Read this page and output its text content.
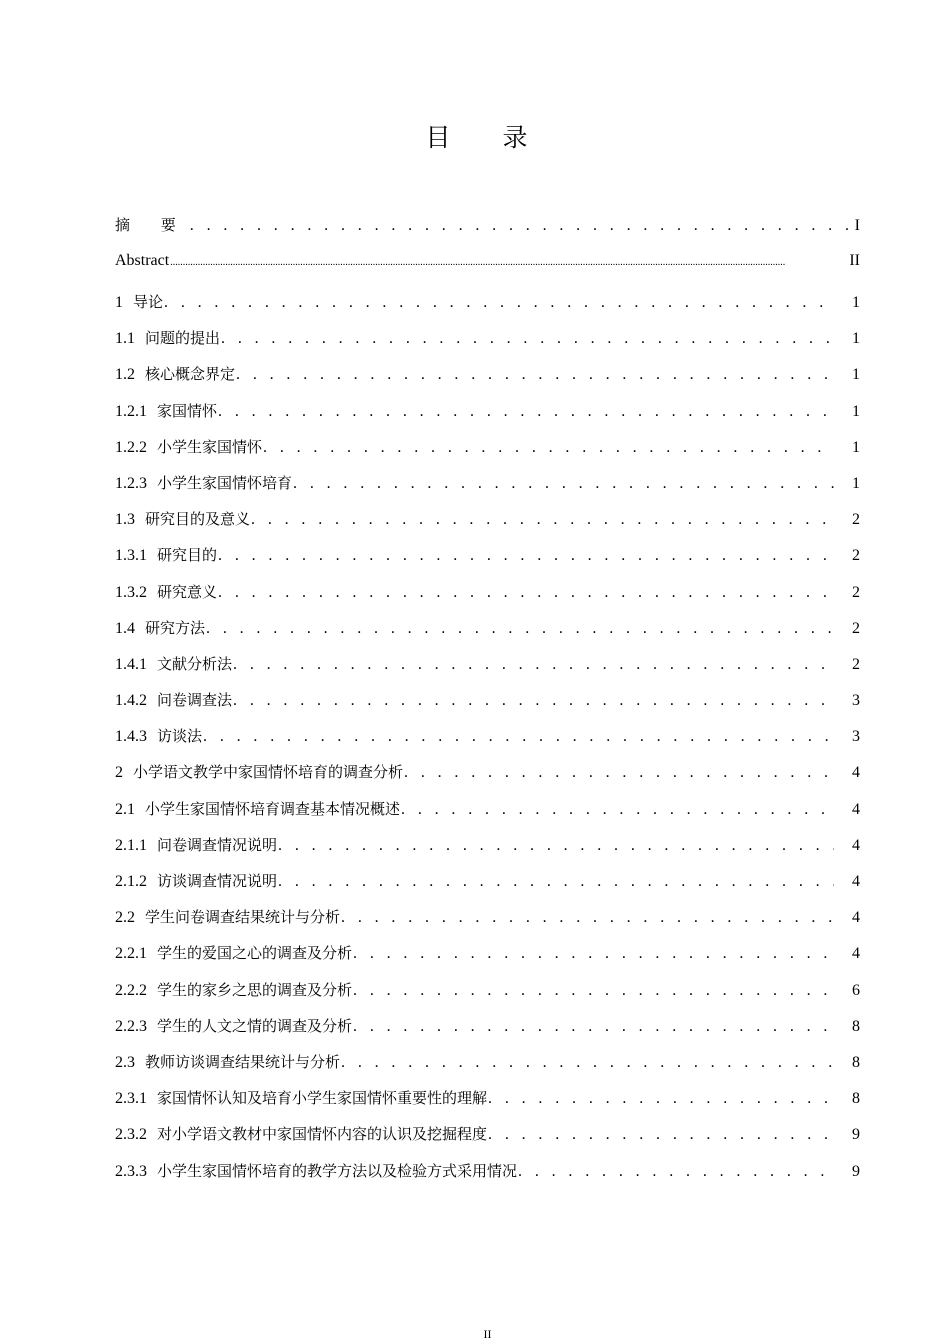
目 录
摘 要 . . .	I
Abstract .....	II
1 导论 . . .	1
1.1 问题的提出 . . .	1
1.2 核心概念界定 . . .	1
1.2.1 家国情怀 . . .	1
1.2.2 小学生家国情怀 . . .	1
1.2.3 小学生家国情怀培育 . . .	1
1.3 研究目的及意义 . . .	2
1.3.1 研究目的 . . .	2
1.3.2 研究意义 . . .	2
1.4 研究方法 . . .	2
1.4.1 文献分析法 . . .	2
1.4.2 问卷调查法 . . .	3
1.4.3 访谈法 . . .	3
2 小学语文教学中家国情怀培育的调查分析 . . .	4
2.1 小学生家国情怀培育调查基本情况概述 . . .	4
2.1.1 问卷调查情况说明 . . .	4
2.1.2 访谈调查情况说明 . . .	4
2.2 学生问卷调查结果统计与分析 . . .	4
2.2.1 学生的爱国之心的调查及分析 . . .	4
2.2.2 学生的家乡之思的调查及分析 . . .	6
2.2.3 学生的人文之情的调查及分析 . . .	8
2.3 教师访谈调查结果统计与分析 . . .	8
2.3.1 家国情怀认知及培育小学生家国情怀重要性的理解 . . .	8
2.3.2 对小学语文教材中家国情怀内容的认识及挖掘程度 . . .	9
2.3.3 小学生家国情怀培育的教学方法以及检验方式采用情况 . . .	9
II
